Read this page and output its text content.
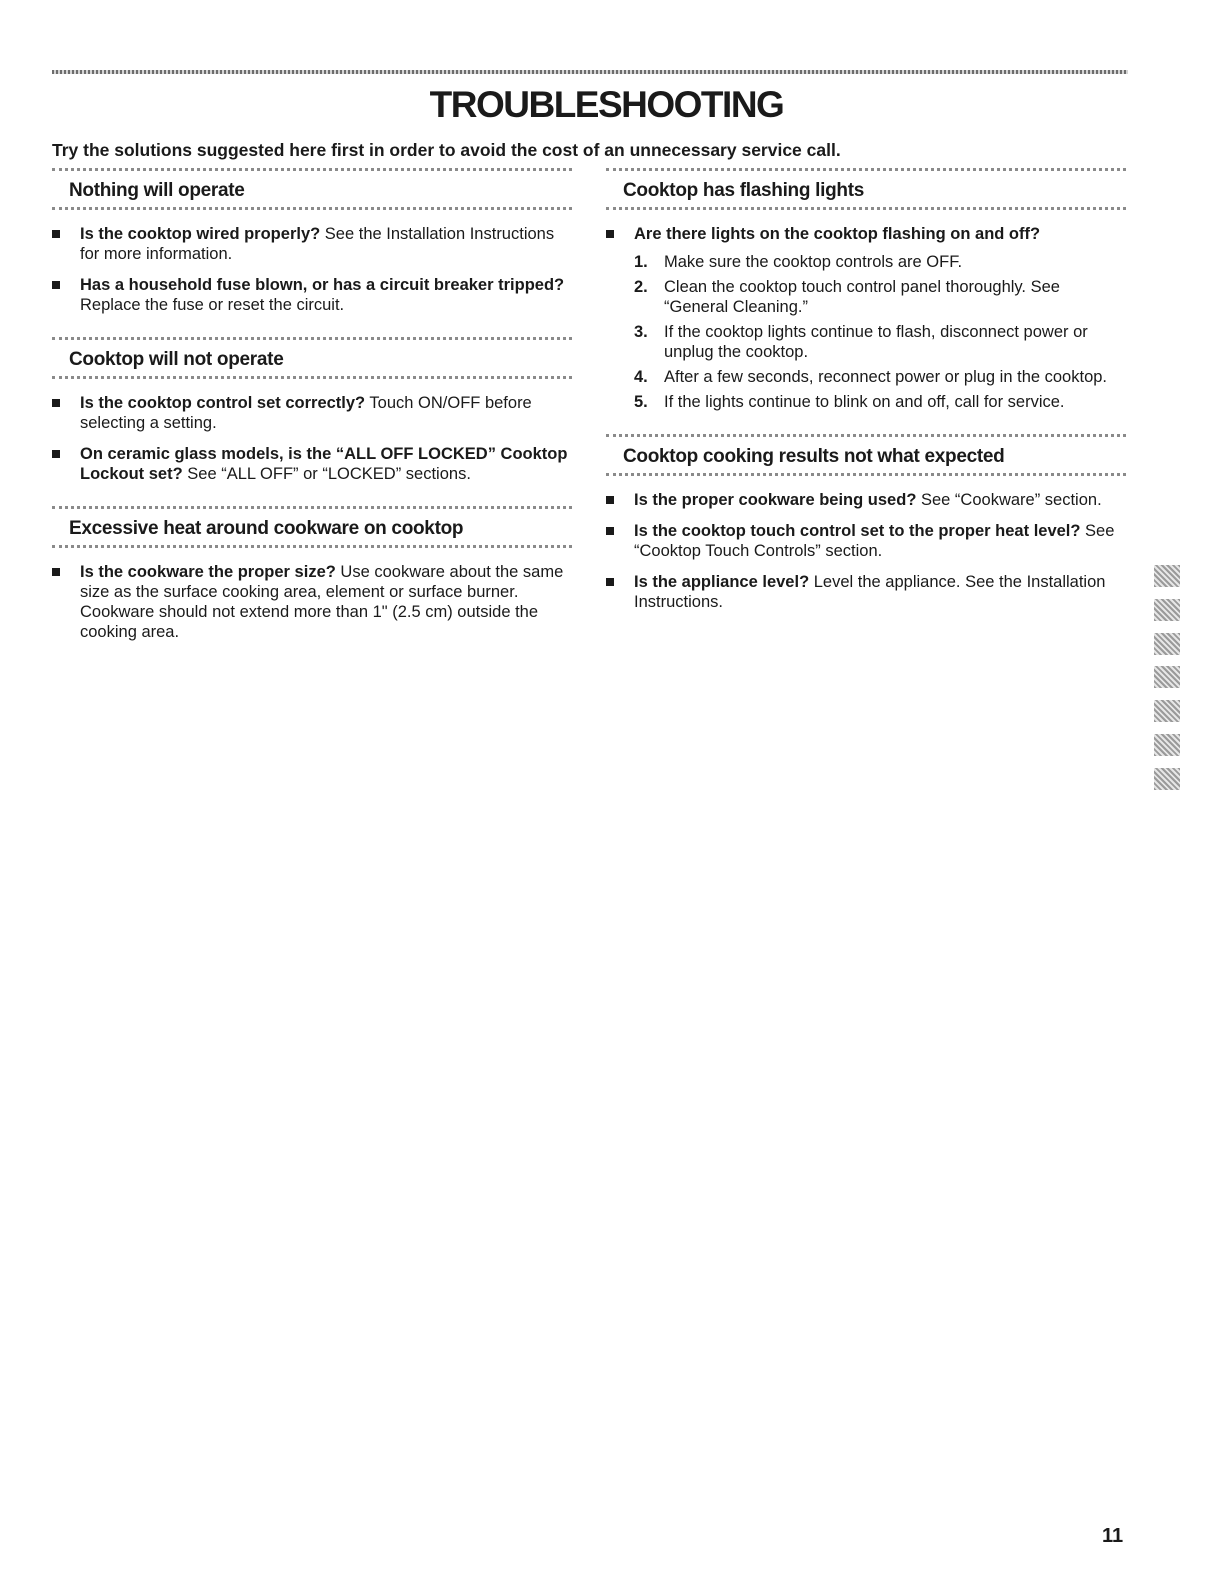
TROUBLESHOOTING

Try the solutions suggested here first in order to avoid the cost of an unnecessary service call.

Nothing will operate
Is the cooktop wired properly? See the Installation Instructions for more information.
Has a household fuse blown, or has a circuit breaker tripped? Replace the fuse or reset the circuit.
Cooktop will not operate
Is the cooktop control set correctly? Touch ON/OFF before selecting a setting.
On ceramic glass models, is the “ALL OFF LOCKED” Cooktop Lockout set? See “ALL OFF” or “LOCKED” sections.
Excessive heat around cookware on cooktop
Is the cookware the proper size? Use cookware about the same size as the surface cooking area, element or surface burner. Cookware should not extend more than 1" (2.5 cm) outside the cooking area.
Cooktop has flashing lights
Are there lights on the cooktop flashing on and off?
1. Make sure the cooktop controls are OFF.
2. Clean the cooktop touch control panel thoroughly. See “General Cleaning.”
3. If the cooktop lights continue to flash, disconnect power or unplug the cooktop.
4. After a few seconds, reconnect power or plug in the cooktop.
5. If the lights continue to blink on and off, call for service.
Cooktop cooking results not what expected
Is the proper cookware being used? See “Cookware” section.
Is the cooktop touch control set to the proper heat level? See “Cooktop Touch Controls” section.
Is the appliance level? Level the appliance. See the Installation Instructions.
11
